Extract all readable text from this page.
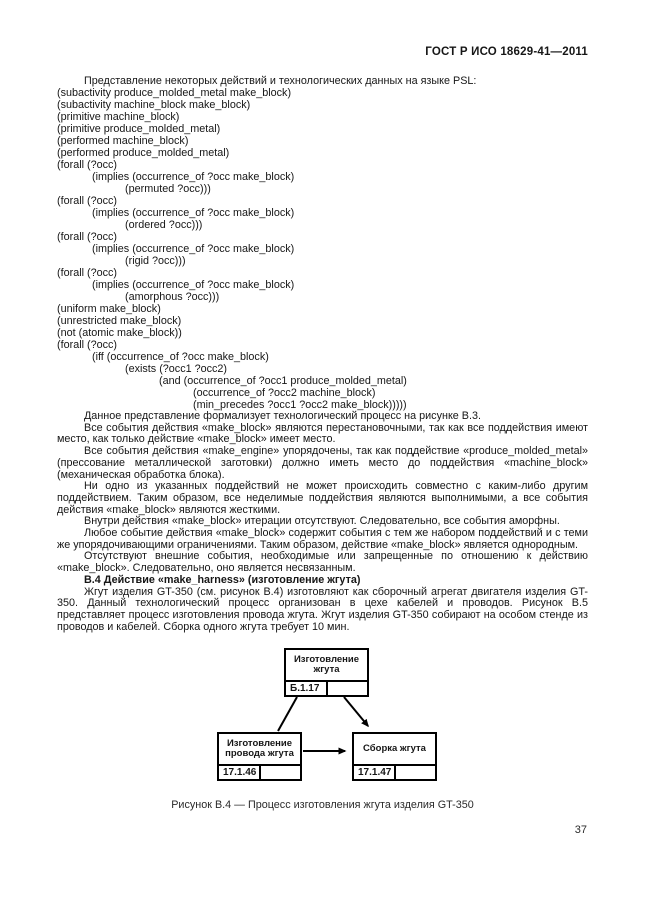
ГОСТ Р ИСО 18629-41—2011
Представление некоторых действий и технологических данных на языке PSL:
(subactivity produce_molded_metal make_block)
(subactivity machine_block make_block)
(primitive machine_block)
(primitive produce_molded_metal)
(performed machine_block)
(performed produce_molded_metal)
(forall (?occ)
(implies (occurrence_of ?occ make_block)
(permuted ?occ)))
(forall (?occ)
(implies (occurrence_of ?occ make_block)
(ordered ?occ)))
(forall (?occ)
(implies (occurrence_of ?occ make_block)
(rigid ?occ)))
(forall (?occ)
(implies (occurrence_of ?occ make_block)
(amorphous ?occ)))
(uniform make_block)
(unrestricted make_block)
(not (atomic make_block))
(forall (?occ)
(iff (occurrence_of ?occ make_block)
(exists (?occ1 ?occ2)
(and (occurrence_of ?occ1 produce_molded_metal)
(occurrence_of ?occ2 machine_block)
(min_precedes ?occ1 ?occ2 make_block)))))

Данное представление формализует технологический процесс на рисунке В.3.

Все события действия «make_block» являются перестановочными, так как все поддействия имеют место, как только действие «make_block» имеет место.

Все события действия «make_engine» упорядочены, так как поддействие «produce_molded_metal» (прессование металлической заготовки) должно иметь место до поддействия «machine_block» (механическая обработка блока).

Ни одно из указанных поддействий не может происходить совместно с каким-либо другим поддействием. Таким образом, все неделимые поддействия являются выполнимыми, а все события действия «make_block» являются жесткими.

Внутри действия «make_block» итерации отсутствуют. Следовательно, все события аморфны.

Любое событие действия «make_block» содержит события с тем же набором поддействий и с теми же упорядочивающими ограничениями. Таким образом, действие «make_block» является однородным.

Отсутствуют внешние события, необходимые или запрещенные по отношению к действию «make_block». Следовательно, оно является несвязанным.

В.4 Действие «make_harness» (изготовление жгута)

Жгут изделия GT-350 (см. рисунок В.4) изготовляют как сборочный агрегат двигателя изделия GT-350. Данный технологический процесс организован в цехе кабелей и проводов. Рисунок В.5 представляет процесс изготовления провода жгута. Жгут изделия GT-350 собирают на особом стенде из проводов и кабелей. Сборка одного жгута требует 10 мин.

Изготовление жгута
Б.1.17
Изготовление провода жгута
17.1.46
Сборка жгута
17.1.47
Рисунок В.4 — Процесс изготовления жгута изделия GT-350
37
